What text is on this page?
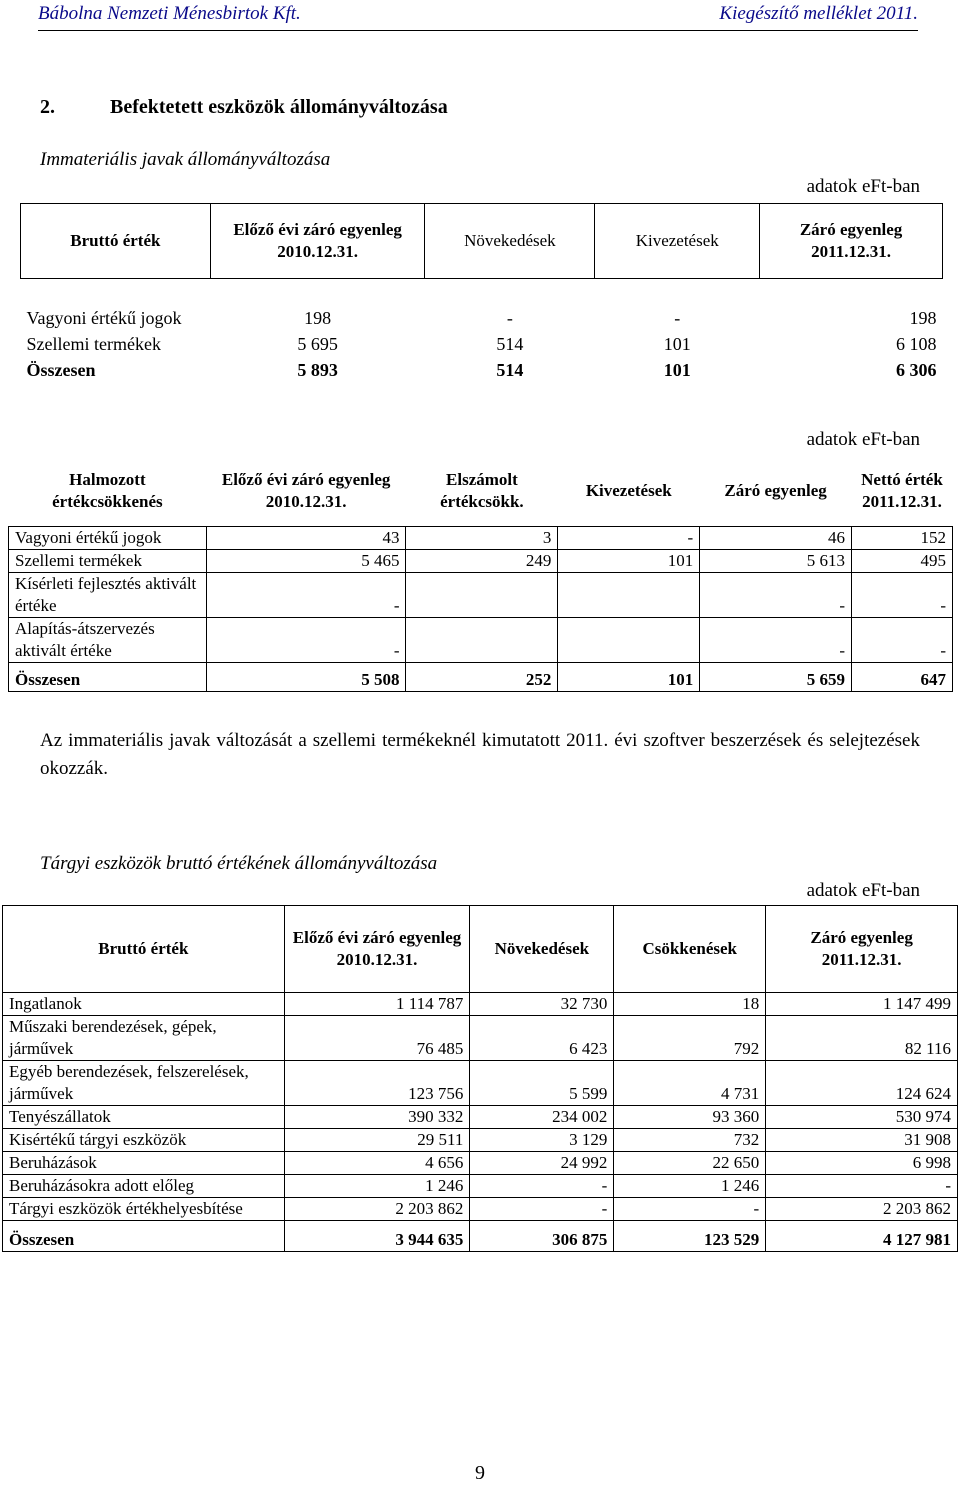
Bábolna Nemzeti Ménesbirtok Kft.	Kiegészítő melléklet 2011.
2.	Befektetett eszközök állományváltozása
Immateriális javak állományváltozása
adatok eFt-ban
Bruttó érték	Előző évi záró egyenleg 2010.12.31.	Növekedések	Kivezetések	Záró egyenleg 2011.12.31.

Vagyoni értékű jogok	198	-	-	198
Szellemi termékek	5 695	514	101	6 108
Összesen	5 893	514	101	6 306
adatok eFt-ban
Halmozott értékcsökkenés	Előző évi záró egyenleg 2010.12.31.	Elszámolt értékcsökk.	Kivezetések	Záró egyenleg	Nettó érték 2011.12.31.
Vagyoni értékű jogok	43	3	-	46	152
Szellemi termékek	5 465	249	101	5 613	495
Kísérleti fejlesztés aktivált értéke	-			-	-
Alapítás-átszervezés aktivált értéke	-			-	-
Összesen	5 508	252	101	5 659	647
Az immateriális javak változását a szellemi termékeknél kimutatott 2011. évi szoftver beszerzések és selejtezések okozzák.
Tárgyi eszközök bruttó értékének állományváltozása
adatok eFt-ban
Bruttó érték	Előző évi záró egyenleg 2010.12.31.	Növekedések	Csökkenések	Záró egyenleg 2011.12.31.
Ingatlanok	1 114 787	32 730	18	1 147 499
Műszaki berendezések, gépek, járművek	76 485	6 423	792	82 116
Egyéb berendezések, felszerelések, járművek	123 756	5 599	4 731	124 624
Tenyészállatok	390 332	234 002	93 360	530 974
Kisértékű tárgyi eszközök	29 511	3 129	732	31 908
Beruházások	4 656	24 992	22 650	6 998
Beruházásokra adott előleg	1 246	-	1 246	-
Tárgyi eszközök értékhelyesbítése	2 203 862	-	-	2 203 862
Összesen	3 944 635	306 875	123 529	4 127 981
9
